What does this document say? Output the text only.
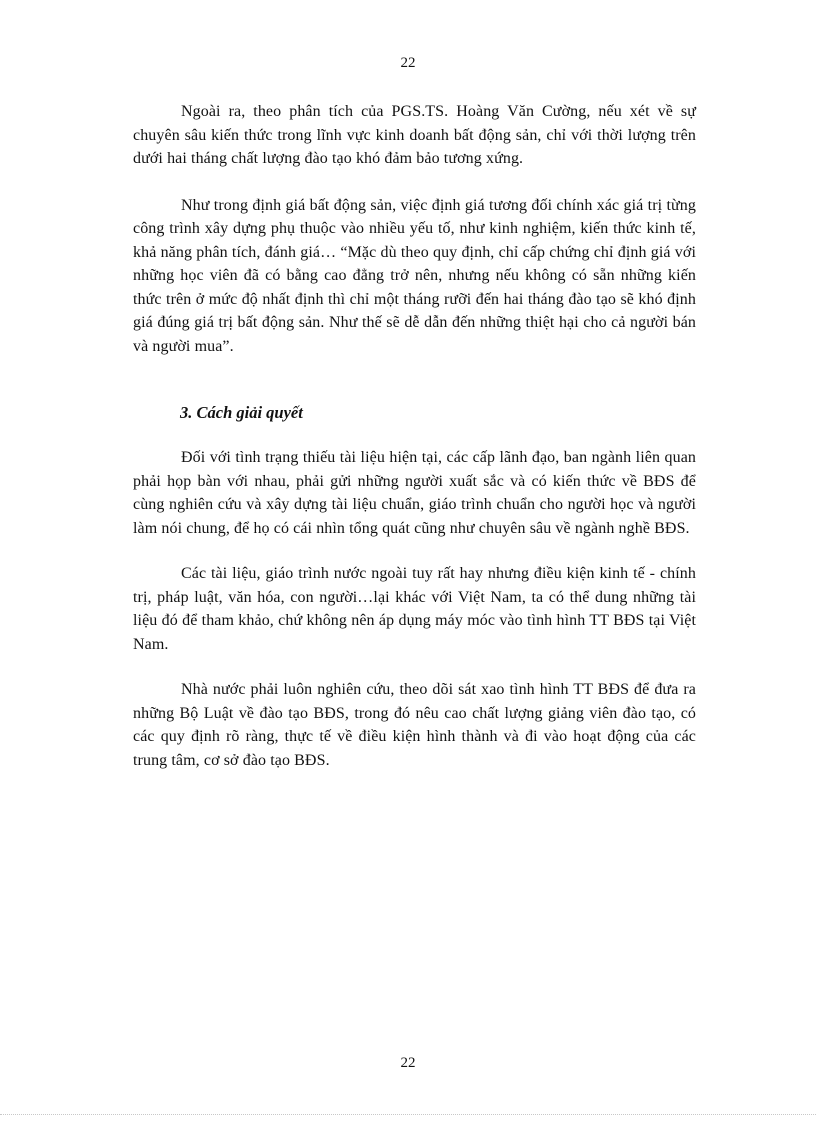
22

Ngoài ra, theo phân tích của PGS.TS. Hoàng Văn Cường, nếu xét về sự chuyên sâu kiến thức trong lĩnh vực kinh doanh bất động sản, chỉ với thời lượng trên dưới hai tháng chất lượng đào tạo khó đảm bảo tương xứng.

Như trong định giá bất động sản, việc định giá tương đối chính xác giá trị từng công trình xây dựng phụ thuộc vào nhiều yếu tố, như kinh nghiệm, kiến thức kinh tế, khả năng phân tích, đánh giá… “Mặc dù theo quy định, chỉ cấp chứng chỉ định giá với những học viên đã có bằng cao đẳng trở nên, nhưng nếu không có sẵn những kiến thức trên ở mức độ nhất định thì chỉ một tháng rưỡi đến hai tháng đào tạo sẽ khó định giá đúng giá trị bất động sản. Như thế sẽ dễ dẫn đến những thiệt hại cho cả người bán và người mua”.

3. Cách giải quyết

Đối với tình trạng thiếu tài liệu hiện tại, các cấp lãnh đạo, ban ngành liên quan phải họp bàn với nhau, phải gửi những người xuất sắc và có kiến thức về BĐS để cùng nghiên cứu và xây dựng tài liệu chuẩn, giáo trình chuẩn cho người học và người làm nói chung, để họ có cái nhìn tổng quát cũng như chuyên sâu về ngành nghề BĐS.

Các tài liệu, giáo trình nước ngoài tuy rất hay nhưng điều kiện kinh tế - chính trị, pháp luật, văn hóa, con người…lại khác với Việt Nam, ta có thể dung những tài liệu đó để tham khảo, chứ không nên áp dụng máy móc vào tình hình TT BĐS tại Việt Nam.

Nhà nước phải luôn nghiên cứu, theo dõi sát xao tình hình TT BĐS để đưa ra những Bộ Luật về đào tạo BĐS, trong đó nêu cao chất lượng giảng viên đào tạo, có các quy định rõ ràng, thực tế về điều kiện hình thành và đi vào hoạt động của các trung tâm, cơ sở đào tạo BĐS.

22
